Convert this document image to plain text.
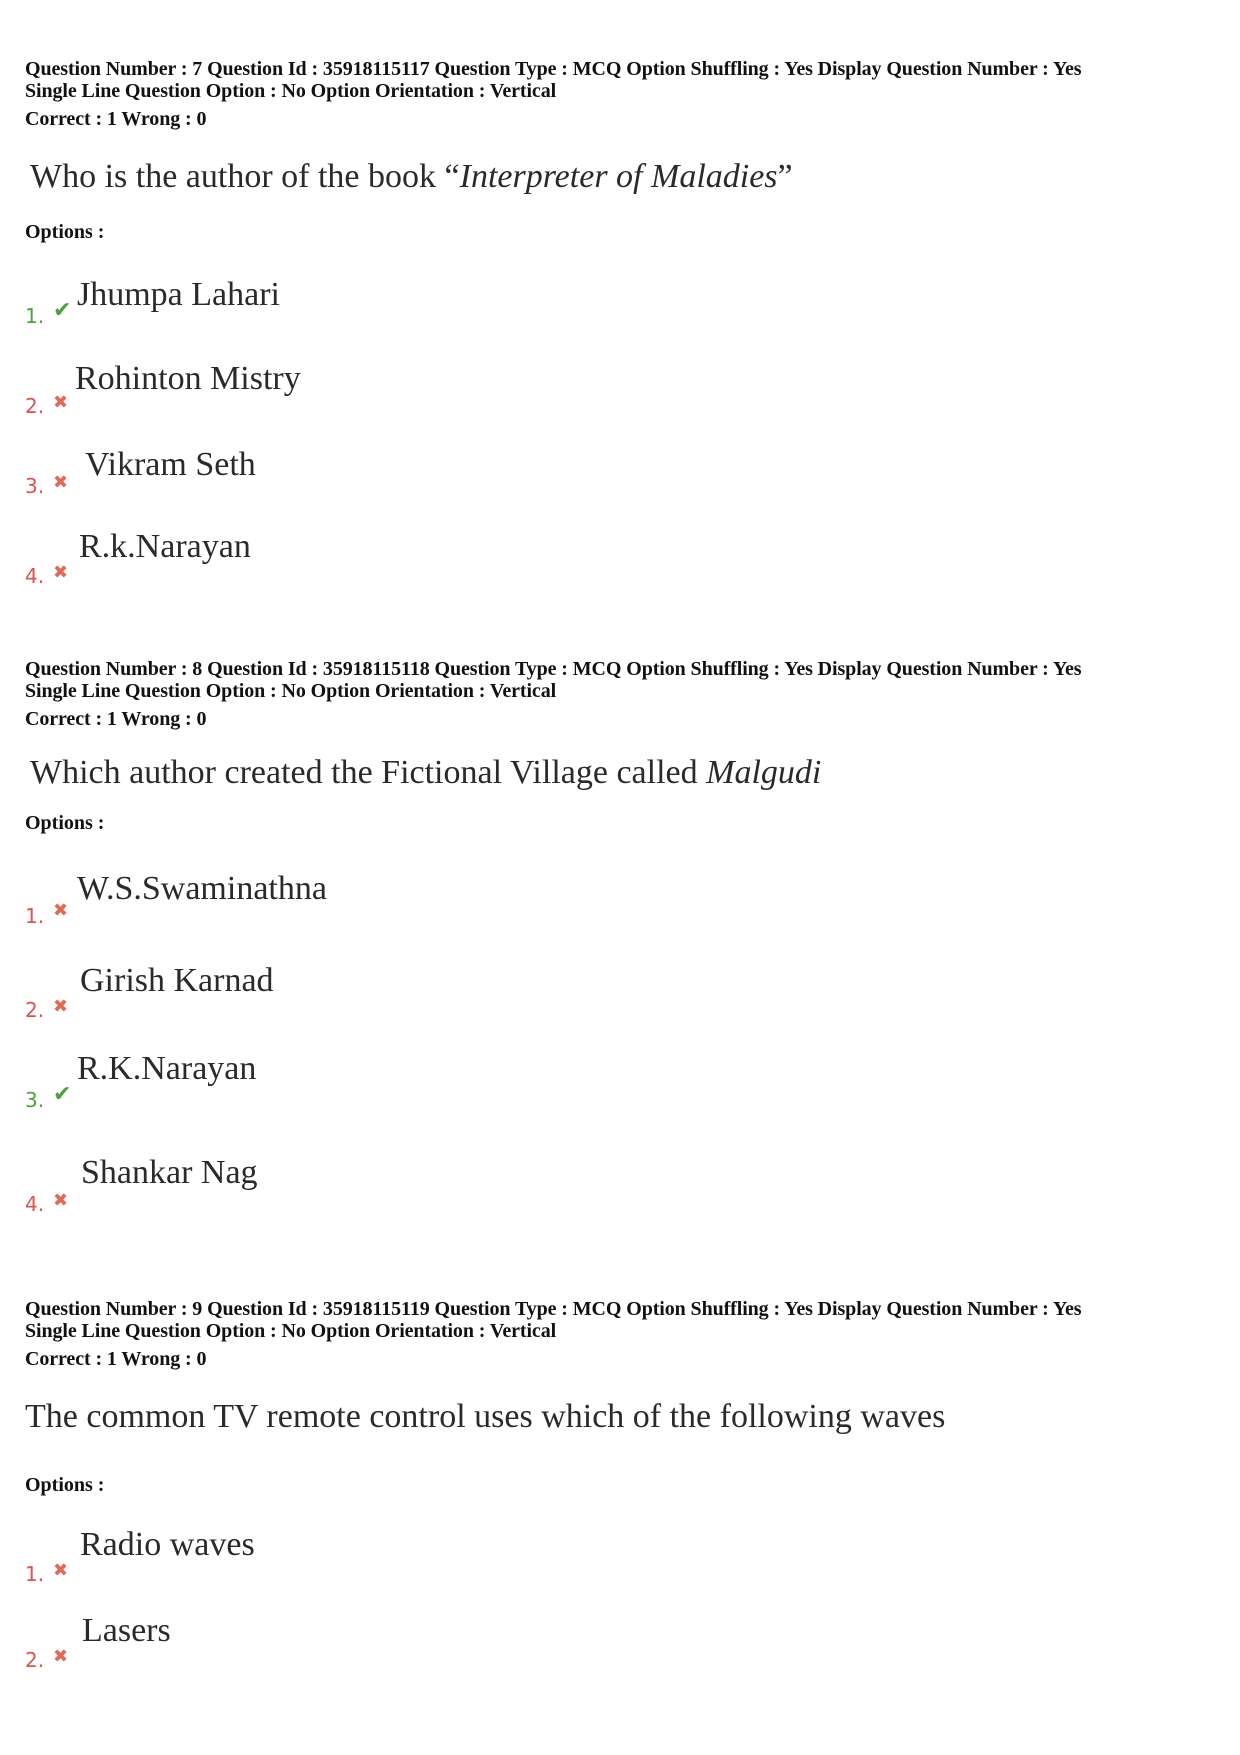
Question Number : 7 Question Id : 35918115117 Question Type : MCQ Option Shuffling : Yes Display Question Number : Yes
Single Line Question Option : No Option Orientation : Vertical
Correct : 1 Wrong : 0
Who is the author of the book “Interpreter of Maladies”
Options :
1. ✔ Jhumpa Lahari
2. ✖
Rohinton Mistry
3. ✖ Vikram Seth
4. ✖
R.k.Narayan
Question Number : 8 Question Id : 35918115118 Question Type : MCQ Option Shuffling : Yes Display Question Number : Yes
Single Line Question Option : No Option Orientation : Vertical
Correct : 1 Wrong : 0
Which author created the Fictional Village called Malgudi
Options :
1. ✖
W.S.Swaminathna
2. ✖
Girish Karnad
3. ✔
R.K.Narayan
4. ✖
Shankar Nag
Question Number : 9 Question Id : 35918115119 Question Type : MCQ Option Shuffling : Yes Display Question Number : Yes
Single Line Question Option : No Option Orientation : Vertical
Correct : 1 Wrong : 0
The common TV remote control uses which of the following waves
Options :
1. ✖
Radio waves
2. ✖
Lasers
